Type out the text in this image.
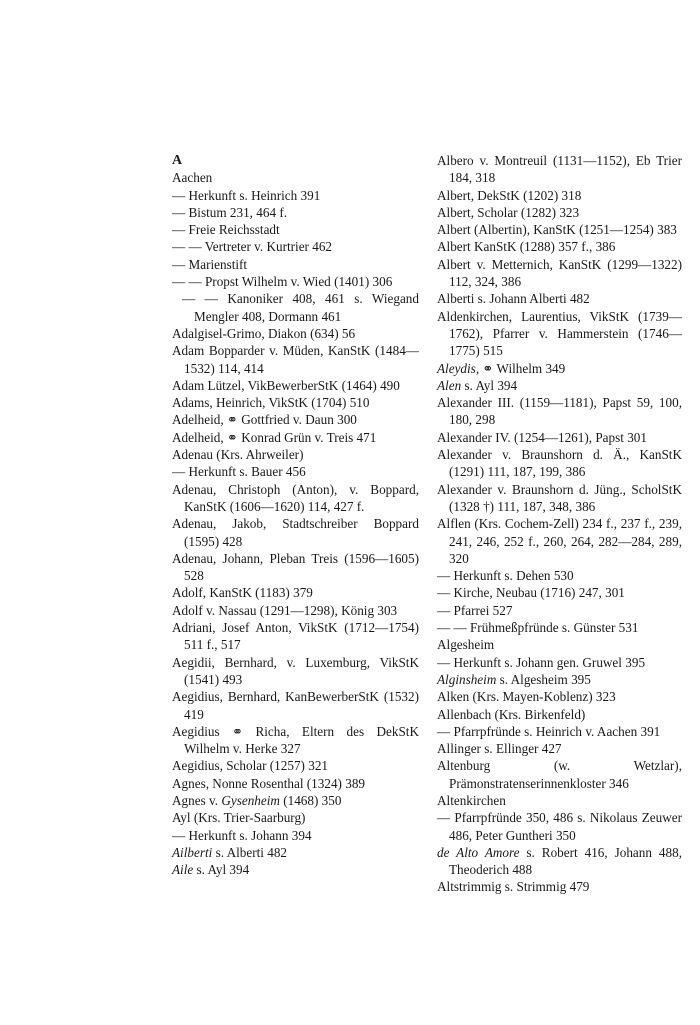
A
Aachen
— Herkunft s. Heinrich 391
— Bistum 231, 464 f.
— Freie Reichsstadt
— — Vertreter v. Kurtrier 462
— Marienstift
— — Propst Wilhelm v. Wied (1401) 306
— — Kanoniker 408, 461 s. Wiegand Mengler 408, Dormann 461
Adalgisel-Grimo, Diakon (634) 56
Adam Bopparder v. Müden, KanStK (1484—1532) 114, 414
Adam Lützel, VikBewerberStK (1464) 490
Adams, Heinrich, VikStK (1704) 510
Adelheid, ⚭ Gottfried v. Daun 300
Adelheid, ⚭ Konrad Grün v. Treis 471
Adenau (Krs. Ahrweiler)
— Herkunft s. Bauer 456
Adenau, Christoph (Anton), v. Boppard, KanStK (1606—1620) 114, 427 f.
Adenau, Jakob, Stadtschreiber Boppard (1595) 428
Adenau, Johann, Pleban Treis (1596—1605) 528
Adolf, KanStK (1183) 379
Adolf v. Nassau (1291—1298), König 303
Adriani, Josef Anton, VikStK (1712—1754) 511 f., 517
Aegidii, Bernhard, v. Luxemburg, VikStK (1541) 493
Aegidius, Bernhard, KanBewerberStK (1532) 419
Aegidius ⚭ Richa, Eltern des DekStK Wilhelm v. Herke 327
Aegidius, Scholar (1257) 321
Agnes, Nonne Rosenthal (1324) 389
Agnes v. Gysenheim (1468) 350
Ayl (Krs. Trier-Saarburg)
— Herkunft s. Johann 394
Ailberti s. Alberti 482
Aile s. Ayl 394
Albero v. Montreuil (1131—1152), Eb Trier 184, 318
Albert, DekStK (1202) 318
Albert, Scholar (1282) 323
Albert (Albertin), KanStK (1251—1254) 383
Albert KanStK (1288) 357 f., 386
Albert v. Metternich, KanStK (1299—1322) 112, 324, 386
Alberti s. Johann Alberti 482
Aldenkirchen, Laurentius, VikStK (1739—1762), Pfarrer v. Hammerstein (1746—1775) 515
Aleydis, ⚭ Wilhelm 349
Alen s. Ayl 394
Alexander III. (1159—1181), Papst 59, 100, 180, 298
Alexander IV. (1254—1261), Papst 301
Alexander v. Braunshorn d. Ä., KanStK (1291) 111, 187, 199, 386
Alexander v. Braunshorn d. Jüng., ScholStK (1328 †) 111, 187, 348, 386
Alflen (Krs. Cochem-Zell) 234 f., 237 f., 239, 241, 246, 252 f., 260, 264, 282—284, 289, 320
— Herkunft s. Dehen 530
— Kirche, Neubau (1716) 247, 301
— Pfarrei 527
— — Frühmeßpfründe s. Günster 531
Algesheim
— Herkunft s. Johann gen. Gruwel 395
Alginsheim s. Algesheim 395
Alken (Krs. Mayen-Koblenz) 323
Allenbach (Krs. Birkenfeld)
— Pfarrpfründe s. Heinrich v. Aachen 391
Allinger s. Ellinger 427
Altenburg (w. Wetzlar), Prämonstratenserinnenkloster 346
Altenkirchen
— Pfarrpfründe 350, 486 s. Nikolaus Zeuwer 486, Peter Guntheri 350
de Alto Amore s. Robert 416, Johann 488, Theoderich 488
Altstrimmig s. Strimmig 479
